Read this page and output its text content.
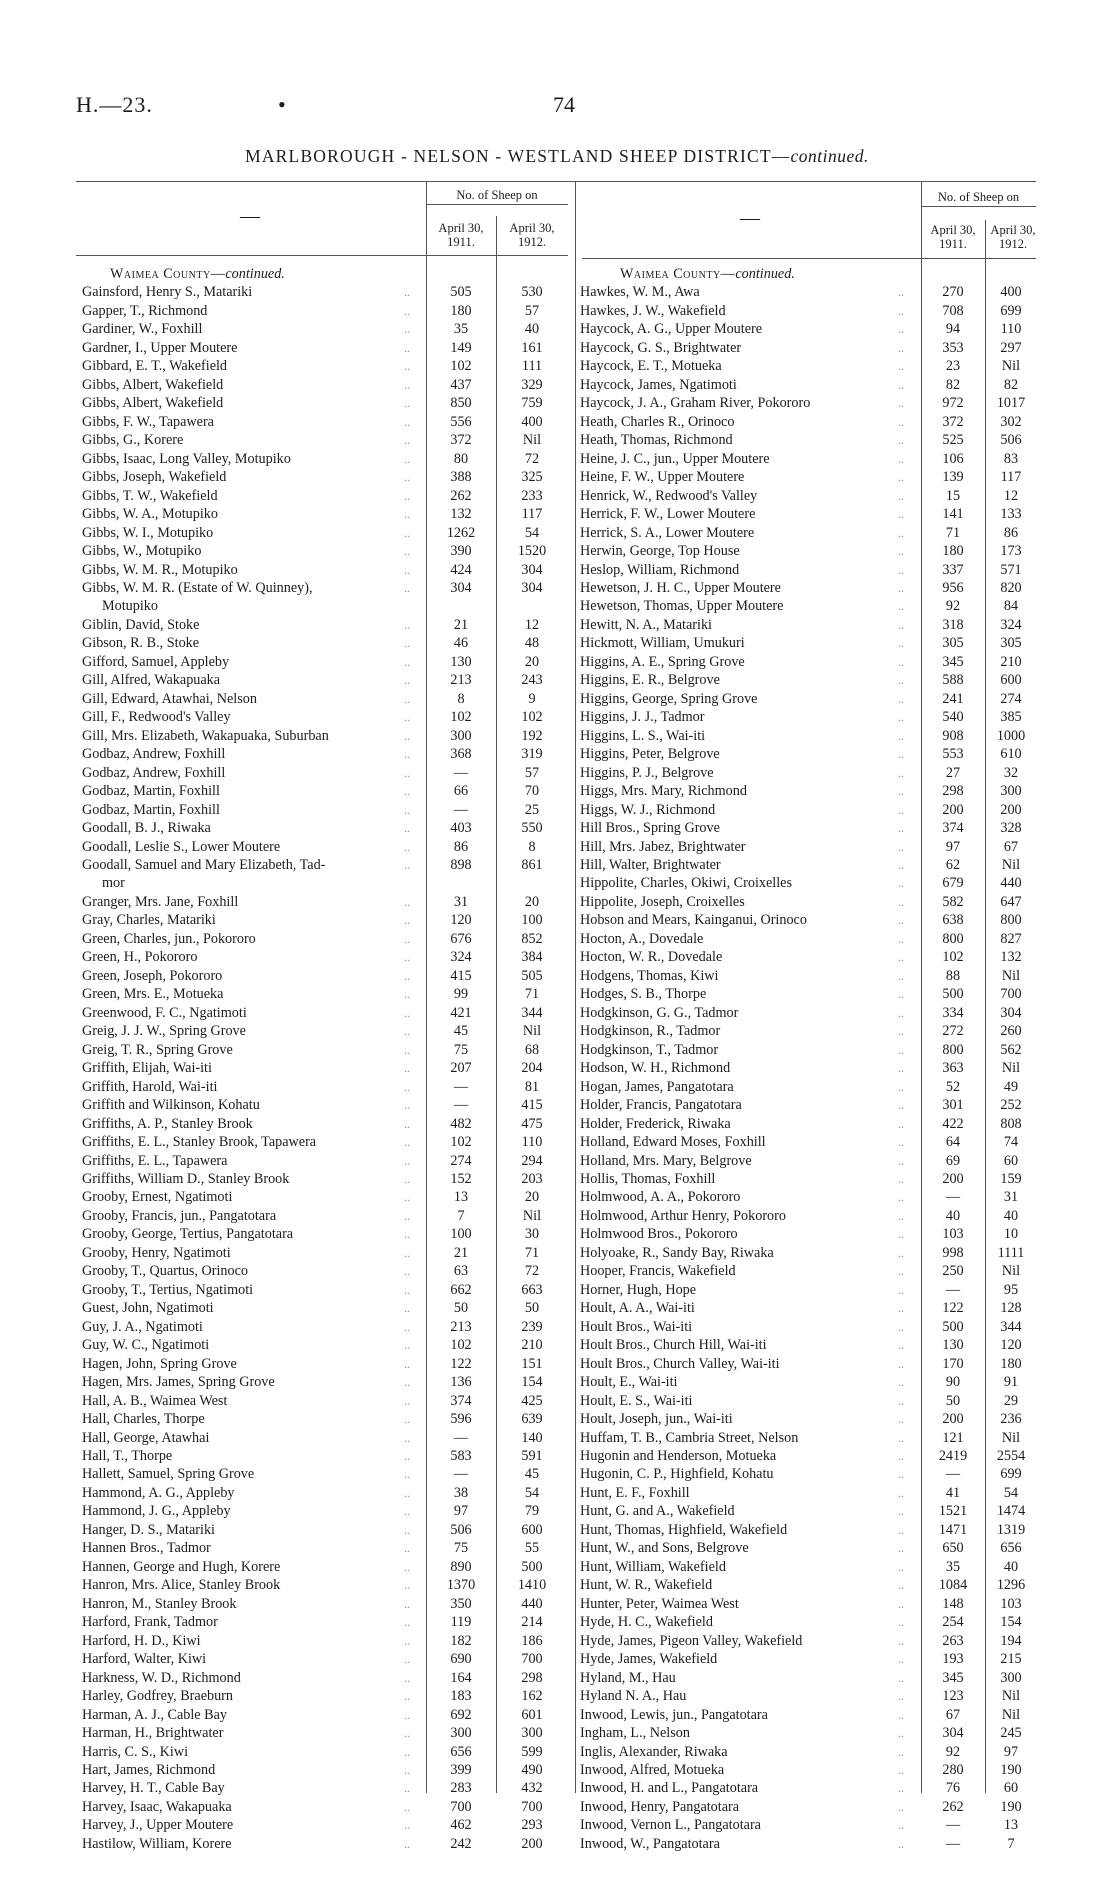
H.—23.	•	74
MARLBOROUGH - NELSON - WESTLAND SHEEP DISTRICT—continued.
—
No. of Sheep on
April 30, 1911.
April 30, 1912.
—
No. of Sheep on
April 30, 1911.
April 30, 1912.
Waimea County—continued.
Gainsford, Henry S., Matariki	..	505	530
Gapper, T., Richmond	..	180	57
Gardiner, W., Foxhill	..	35	40
Gardner, I., Upper Moutere	..	149	161
Gibbard, E. T., Wakefield	..	102	111
Gibbs, Albert, Wakefield	..	437	329
Gibbs, Albert, Wakefield	..	850	759
Gibbs, F. W., Tapawera	..	556	400
Gibbs, G., Korere	..	372	Nil
Gibbs, Isaac, Long Valley, Motupiko	..	80	72
Gibbs, Joseph, Wakefield	..	388	325
Gibbs, T. W., Wakefield	..	262	233
Gibbs, W. A., Motupiko	..	132	117
Gibbs, W. I., Motupiko	..	1262	54
Gibbs, W., Motupiko	..	390	1520
Gibbs, W. M. R., Motupiko	..	424	304
Gibbs, W. M. R. (Estate of W. Quinney),	..	304	304
Motupiko
Giblin, David, Stoke	..	21	12
Gibson, R. B., Stoke	..	46	48
Gifford, Samuel, Appleby	..	130	20
Gill, Alfred, Wakapuaka	..	213	243
Gill, Edward, Atawhai, Nelson	..	8	9
Gill, F., Redwood's Valley	..	102	102
Gill, Mrs. Elizabeth, Wakapuaka, Suburban	..	300	192
Godbaz, Andrew, Foxhill	..	368	319
Godbaz, Andrew, Foxhill	..	—	57
Godbaz, Martin, Foxhill	..	66	70
Godbaz, Martin, Foxhill	..	—	25
Goodall, B. J., Riwaka	..	403	550
Goodall, Leslie S., Lower Moutere	..	86	8
Goodall, Samuel and Mary Elizabeth, Tad-	..	898	861
mor
Granger, Mrs. Jane, Foxhill	..	31	20
Gray, Charles, Matariki	..	120	100
Green, Charles, jun., Pokororo	..	676	852
Green, H., Pokororo	..	324	384
Green, Joseph, Pokororo	..	415	505
Green, Mrs. E., Motueka	..	99	71
Greenwood, F. C., Ngatimoti	..	421	344
Greig, J. J. W., Spring Grove	..	45	Nil
Greig, T. R., Spring Grove	..	75	68
Griffith, Elijah, Wai-iti	..	207	204
Griffith, Harold, Wai-iti	..	—	81
Griffith and Wilkinson, Kohatu	..	—	415
Griffiths, A. P., Stanley Brook	..	482	475
Griffiths, E. L., Stanley Brook, Tapawera	..	102	110
Griffiths, E. L., Tapawera	..	274	294
Griffiths, William D., Stanley Brook	..	152	203
Grooby, Ernest, Ngatimoti	..	13	20
Grooby, Francis, jun., Pangatotara	..	7	Nil
Grooby, George, Tertius, Pangatotara	..	100	30
Grooby, Henry, Ngatimoti	..	21	71
Grooby, T., Quartus, Orinoco	..	63	72
Grooby, T., Tertius, Ngatimoti	..	662	663
Guest, John, Ngatimoti	..	50	50
Guy, J. A., Ngatimoti	..	213	239
Guy, W. C., Ngatimoti	..	102	210
Hagen, John, Spring Grove	..	122	151
Hagen, Mrs. James, Spring Grove	..	136	154
Hall, A. B., Waimea West	..	374	425
Hall, Charles, Thorpe	..	596	639
Hall, George, Atawhai	..	—	140
Hall, T., Thorpe	..	583	591
Hallett, Samuel, Spring Grove	..	—	45
Hammond, A. G., Appleby	..	38	54
Hammond, J. G., Appleby	..	97	79
Hanger, D. S., Matariki	..	506	600
Hannen Bros., Tadmor	..	75	55
Hannen, George and Hugh, Korere	..	890	500
Hanron, Mrs. Alice, Stanley Brook	..	1370	1410
Hanron, M., Stanley Brook	..	350	440
Harford, Frank, Tadmor	..	119	214
Harford, H. D., Kiwi	..	182	186
Harford, Walter, Kiwi	..	690	700
Harkness, W. D., Richmond	..	164	298
Harley, Godfrey, Braeburn	..	183	162
Harman, A. J., Cable Bay	..	692	601
Harman, H., Brightwater	..	300	300
Harris, C. S., Kiwi	..	656	599
Hart, James, Richmond	..	399	490
Harvey, H. T., Cable Bay	..	283	432
Harvey, Isaac, Wakapuaka	..	700	700
Harvey, J., Upper Moutere	..	462	293
Hastilow, William, Korere	..	242	200
Waimea County—continued.
Hawkes, W. M., Awa	..	270	400
Hawkes, J. W., Wakefield	..	708	699
Haycock, A. G., Upper Moutere	..	94	110
Haycock, G. S., Brightwater	..	353	297
Haycock, E. T., Motueka	..	23	Nil
Haycock, James, Ngatimoti	..	82	82
Haycock, J. A., Graham River, Pokororo	..	972	1017
Heath, Charles R., Orinoco	..	372	302
Heath, Thomas, Richmond	..	525	506
Heine, J. C., jun., Upper Moutere	..	106	83
Heine, F. W., Upper Moutere	..	139	117
Henrick, W., Redwood's Valley	..	15	12
Herrick, F. W., Lower Moutere	..	141	133
Herrick, S. A., Lower Moutere	..	71	86
Herwin, George, Top House	..	180	173
Heslop, William, Richmond	..	337	571
Hewetson, J. H. C., Upper Moutere	..	956	820
Hewetson, Thomas, Upper Moutere	..	92	84
Hewitt, N. A., Matariki	..	318	324
Hickmott, William, Umukuri	..	305	305
Higgins, A. E., Spring Grove	..	345	210
Higgins, E. R., Belgrove	..	588	600
Higgins, George, Spring Grove	..	241	274
Higgins, J. J., Tadmor	..	540	385
Higgins, L. S., Wai-iti	..	908	1000
Higgins, Peter, Belgrove	..	553	610
Higgins, P. J., Belgrove	..	27	32
Higgs, Mrs. Mary, Richmond	..	298	300
Higgs, W. J., Richmond	..	200	200
Hill Bros., Spring Grove	..	374	328
Hill, Mrs. Jabez, Brightwater	..	97	67
Hill, Walter, Brightwater	..	62	Nil
Hippolite, Charles, Okiwi, Croixelles	..	679	440
Hippolite, Joseph, Croixelles	..	582	647
Hobson and Mears, Kainganui, Orinoco	..	638	800
Hocton, A., Dovedale	..	800	827
Hocton, W. R., Dovedale	..	102	132
Hodgens, Thomas, Kiwi	..	88	Nil
Hodges, S. B., Thorpe	..	500	700
Hodgkinson, G. G., Tadmor	..	334	304
Hodgkinson, R., Tadmor	..	272	260
Hodgkinson, T., Tadmor	..	800	562
Hodson, W. H., Richmond	..	363	Nil
Hogan, James, Pangatotara	..	52	49
Holder, Francis, Pangatotara	..	301	252
Holder, Frederick, Riwaka	..	422	808
Holland, Edward Moses, Foxhill	..	64	74
Holland, Mrs. Mary, Belgrove	..	69	60
Hollis, Thomas, Foxhill	..	200	159
Holmwood, A. A., Pokororo	..	—	31
Holmwood, Arthur Henry, Pokororo	..	40	40
Holmwood Bros., Pokororo	..	103	10
Holyoake, R., Sandy Bay, Riwaka	..	998	1111
Hooper, Francis, Wakefield	..	250	Nil
Horner, Hugh, Hope	..	—	95
Hoult, A. A., Wai-iti	..	122	128
Hoult Bros., Wai-iti	..	500	344
Hoult Bros., Church Hill, Wai-iti	..	130	120
Hoult Bros., Church Valley, Wai-iti	..	170	180
Hoult, E., Wai-iti	..	90	91
Hoult, E. S., Wai-iti	..	50	29
Hoult, Joseph, jun., Wai-iti	..	200	236
Huffam, T. B., Cambria Street, Nelson	..	121	Nil
Hugonin and Henderson, Motueka	..	2419	2554
Hugonin, C. P., Highfield, Kohatu	..	—	699
Hunt, E. F., Foxhill	..	41	54
Hunt, G. and A., Wakefield	..	1521	1474
Hunt, Thomas, Highfield, Wakefield	..	1471	1319
Hunt, W., and Sons, Belgrove	..	650	656
Hunt, William, Wakefield	..	35	40
Hunt, W. R., Wakefield	..	1084	1296
Hunter, Peter, Waimea West	..	148	103
Hyde, H. C., Wakefield	..	254	154
Hyde, James, Pigeon Valley, Wakefield	..	263	194
Hyde, James, Wakefield	..	193	215
Hyland, M., Hau	..	345	300
Hyland N. A., Hau	..	123	Nil
Inwood, Lewis, jun., Pangatotara	..	67	Nil
Ingham, L., Nelson	..	304	245
Inglis, Alexander, Riwaka	..	92	97
Inwood, Alfred, Motueka	..	280	190
Inwood, H. and L., Pangatotara	..	76	60
Inwood, Henry, Pangatotara	..	262	190
Inwood, Vernon L., Pangatotara	..	—	13
Inwood, W., Pangatotara	..	—	7
